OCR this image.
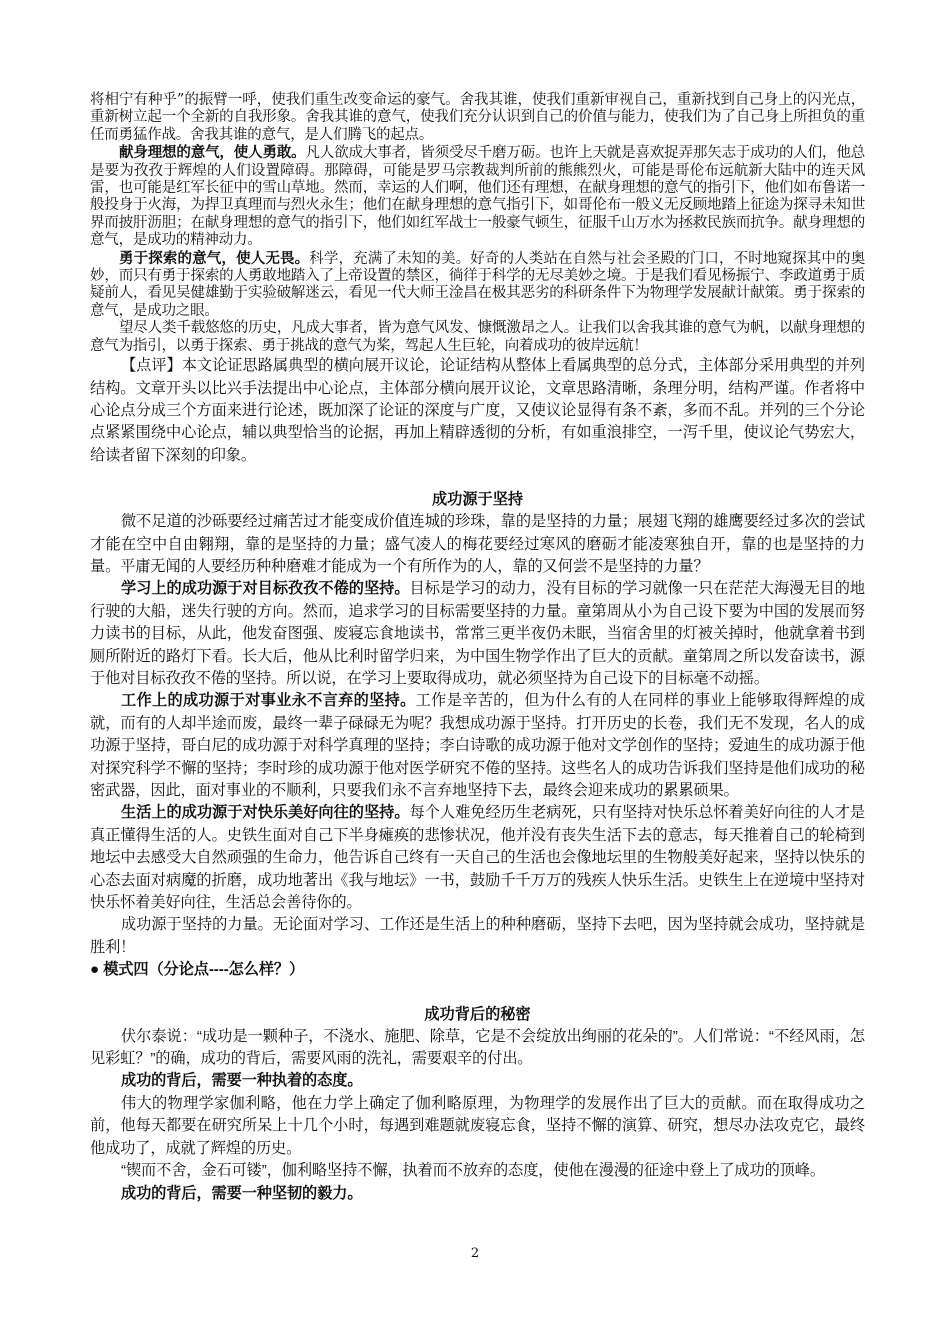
将相宁有种乎”的振臂一呼，使我们重生改变命运的豪气。舍我其谁，使我们重新审视自己，重新找到自己身上的闪光点，重新树立起一个全新的自我形象。舍我其谁的意气，使我们充分认识到自己的价值与能力，使我们为了自己身上所担负的重任而勇猛作战。舍我其谁的意气，是人们腾飞的起点。

献身理想的意气，使人勇敢。凡人欲成大事者，皆须受尽千磨万砺。也许上天就是喜欢捉弄那矢志于成功的人们，他总是要为孜孜于辉煌的人们设置障碍。那障碍，可能是罗马宗教裁判所前的熊熊烈火，可能是哥伦布远航新大陆中的连天风雷，也可能是红军长征中的雪山草地。然而，幸运的人们啊，他们还有理想，在献身理想的意气的指引下，他们如布鲁诺一般投身于火海，为捍卫真理而与烈火永生；他们在献身理想的意气指引下，如哥伦布一般义无反顾地踏上征途为探寻未知世界而披肝沥胆；在献身理想的意气的指引下，他们如红军战士一般豪气顿生，征服千山万水为拯救民族而抗争。献身理想的意气，是成功的精神动力。

勇于探索的意气，使人无畏。科学，充满了未知的美。好奇的人类站在自然与社会圣殿的门口，不时地窥探其中的奥妙，而只有勇于探索的人勇敢地踏入了上帝设置的禁区，徜徉于科学的无尽美妙之境。于是我们看见杨振宁、李政道勇于质疑前人，看见吴健雄勤于实验破解迷云，看见一代大师王淦昌在极其恶劣的科研条件下为物理学发展献计献策。勇于探索的意气，是成功之眼。

望尽人类千载悠悠的历史，凡成大事者，皆为意气风发、慷慨激昂之人。让我们以舍我其谁的意气为帆，以献身理想的意气为指引，以勇于探索、勇于挑战的意气为桨，驾起人生巨轮，向着成功的彼岸远航！

【点评】本文论证思路属典型的横向展开议论，论证结构从整体上看属典型的总分式，主体部分采用典型的并列结构。文章开头以比兴手法提出中心论点，主体部分横向展开议论，文章思路清晰，条理分明，结构严谨。作者将中心论点分成三个方面来进行论述，既加深了论证的深度与广度，又使议论显得有条不紊，多而不乱。并列的三个分论点紧紧围绕中心论点，辅以典型恰当的论据，再加上精辟透彻的分析，有如重浪排空，一泻千里，使议论气势宏大，给读者留下深刻的印象。

成功源于坚持

微不足道的沙砾要经过痛苦过才能变成价值连城的珍珠，靠的是坚持的力量；展翅飞翔的雄鹰要经过多次的尝试才能在空中自由翱翔，靠的是坚持的力量；盛气凌人的梅花要经过寒风的磨砺才能凌寒独自开，靠的也是坚持的力量。平庸无闻的人要经历种种磨难才能成为一个有所作为的人，靠的又何尝不是坚持的力量？

学习上的成功源于对目标孜孜不倦的坚持。目标是学习的动力，没有目标的学习就像一只在茫茫大海漫无目的地行驶的大船，迷失行驶的方向。然而，追求学习的目标需要坚持的力量。童第周从小为自己设下要为中国的发展而努力读书的目标，从此，他发奋图强、废寝忘食地读书，常常三更半夜仍未眠，当宿舍里的灯被关掉时，他就拿着书到厕所附近的路灯下看。长大后，他从比利时留学归来，为中国生物学作出了巨大的贡献。童第周之所以发奋读书，源于他对目标孜孜不倦的坚持。所以说，在学习上要取得成功，就必须坚持为自己设下的目标毫不动摇。

工作上的成功源于对事业永不言弃的坚持。工作是辛苦的，但为什么有的人在同样的事业上能够取得辉煌的成就，而有的人却半途而废，最终一辈子碌碌无为呢？我想成功源于坚持。打开历史的长卷，我们无不发现，名人的成功源于坚持，哥白尼的成功源于对科学真理的坚持；李白诗歌的成功源于他对文学创作的坚持；爱迪生的成功源于他对探究科学不懈的坚持；李时珍的成功源于他对医学研究不倦的坚持。这些名人的成功告诉我们坚持是他们成功的秘密武器，因此，面对事业的不顺利，只要我们永不言弃地坚持下去，最终会迎来成功的累累硕果。

生活上的成功源于对快乐美好向往的坚持。每个人难免经历生老病死，只有坚持对快乐总怀着美好向往的人才是真正懂得生活的人。史铁生面对自己下半身瘫痪的悲惨状况，他并没有丧失生活下去的意志，每天推着自己的轮椅到地坛中去感受大自然顽强的生命力，他告诉自己终有一天自己的生活也会像地坛里的生物般美好起来，坚持以快乐的心态去面对病魔的折磨，成功地著出《我与地坛》一书，鼓励千千万万的残疾人快乐生活。史铁生上在逆境中坚持对快乐怀着美好向往，生活总会善待你的。

成功源于坚持的力量。无论面对学习、工作还是生活上的种种磨砺，坚持下去吧，因为坚持就会成功，坚持就是胜利！

● 模式四（分论点----怎么样？）

成功背后的秘密

伏尔泰说：“成功是一颗种子，不浇水、施肥、除草，它是不会绽放出绚丽的花朵的”。人们常说：“不经风雨，怎见彩虹？”的确，成功的背后，需要风雨的洗礼，需要艰辛的付出。

成功的背后，需要一种执着的态度。

伟大的物理学家伽利略，他在力学上确定了伽利略原理，为物理学的发展作出了巨大的贡献。而在取得成功之前，他每天都要在研究所呆上十几个小时，每遇到难题就废寝忘食，坚持不懈的演算、研究，想尽办法攻克它，最终他成功了，成就了辉煌的历史。

“锲而不舍，金石可镂”，伽利略坚持不懈，执着而不放弃的态度，使他在漫漫的征途中登上了成功的顶峰。

成功的背后，需要一种坚韧的毅力。

2
